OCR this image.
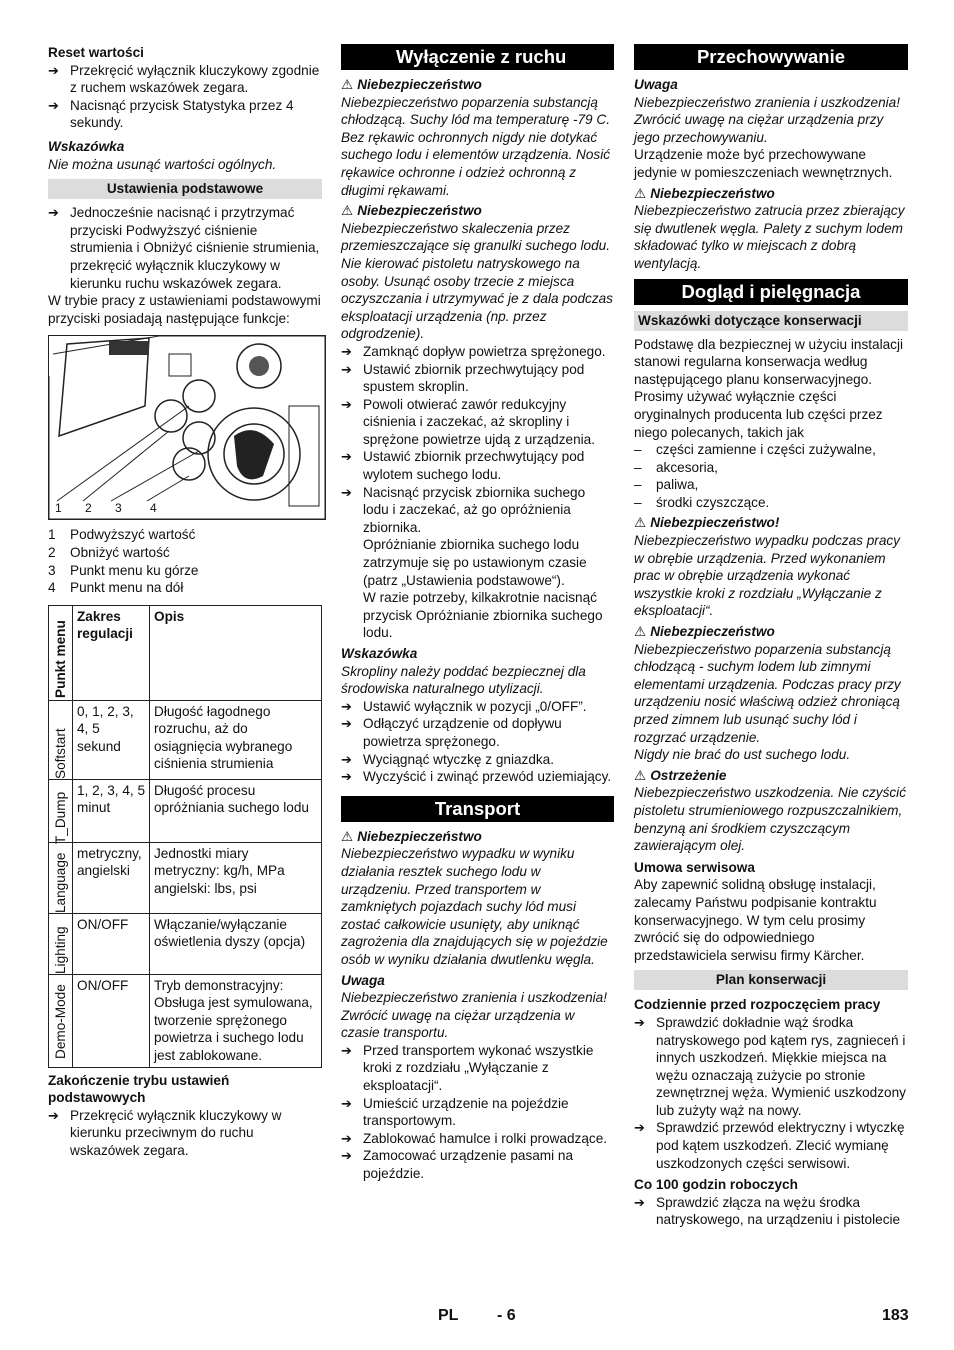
Reset wartości

➔ Przekręcić wyłącznik kluczykowy zgodnie z ruchem wskazówek zegara.
➔ Nacisnąć przycisk Statystyka przez 4 sekundy.

Wskazówka

Nie można usunąć wartości ogólnych.

Ustawienia podstawowe
➔ Jednocześnie nacisnąć i przytrzymać przyciski Podwyższyć ciśnienie strumienia i Obniżyć ciśnienie strumienia, przekręcić wyłącznik kluczykowy w kierunku ruchu wskazówek zegara.

W trybie pracy z ustawieniami podstawowymi przyciski posiadają następujące funkcje:

1 2 3 4
1 Podwyższyć wartość
2 Obniżyć wartość
3 Punkt menu ku górze
4 Punkt menu na dół
Punkt menu	Zakres regulacji	Opis

Softstart	0, 1, 2, 3, 4, 5 sekund	Długość łagodnego rozruchu, aż do osiągnięcia wybranego ciśnienia strumienia

T_Dump	1, 2, 3, 4, 5 minut	Długość procesu opróżniania suchego lodu

Language	metryczny, angielski	Jednostki miary metryczny: kg/h, MPa angielski: lbs, psi

Lighting	ON/OFF	Włączanie/wyłączanie oświetlenia dyszy (opcja)

Demo-Mode	ON/OFF	Tryb demonstracyjny: Obsługa jest symulowana, tworzenie sprężonego powietrza i suchego lodu jest zablokowane.

Zakończenie trybu ustawień podstawowych

➔ Przekręcić wyłącznik kluczykowy w kierunku przeciwnym do ruchu wskazówek zegara.
Wyłączenie z ruchu

⚠ Niebezpieczeństwo

Niebezpieczeństwo poparzenia substancją chłodzącą. Suchy lód ma temperaturę -79 C. Bez rękawic ochronnych nigdy nie dotykać suchego lodu i elementów urządzenia. Nosić rękawice ochronne i odzież ochronną z długimi rękawami.

⚠ Niebezpieczeństwo

Niebezpieczeństwo skaleczenia przez przemieszczające się granulki suchego lodu. Nie kierować pistoletu natryskowego na osoby. Usunąć osoby trzecie z miejsca oczyszczania i utrzymywać je z dala podczas eksploatacji urządzenia (np. przez odgrodzenie).

➔ Zamknąć dopływ powietrza sprężonego.
➔ Ustawić zbiornik przechwytujący pod spustem skroplin.
➔ Powoli otwierać zawór redukcyjny ciśnienia i zaczekać, aż skropliny i sprężone powietrze ujdą z urządzenia.
➔ Ustawić zbiornik przechwytujący pod wylotem suchego lodu.
➔ Nacisnąć przycisk zbiornika suchego lodu i zaczekać, aż go opróżnienia zbiornika.

Opróżnianie zbiornika suchego lodu zatrzymuje się po ustawionym czasie (patrz „Ustawienia podstawowe“).

W razie potrzeby, kilkakrotnie nacisnąć przycisk Opróżnianie zbiornika suchego lodu.

Wskazówka

Skropliny należy poddać bezpiecznej dla środowiska naturalnego utylizacji.

➔ Ustawić wyłącznik w pozycji „0/OFF”.
➔ Odłączyć urządzenie od dopływu powietrza sprężonego.
➔ Wyciągnąć wtyczkę z gniazdka.
➔ Wyczyścić i zwinąć przewód uziemiający.
Transport

⚠ Niebezpieczeństwo

Niebezpieczeństwo wypadku w wyniku działania resztek suchego lodu w urządzeniu. Przed transportem w zamkniętych pojazdach suchy lód musi zostać całkowicie usunięty, aby uniknąć zagrożenia dla znajdujących się w pojeździe osób w wyniku działania dwutlenku węgla.

Uwaga

Niebezpieczeństwo zranienia i uszkodzenia! Zwrócić uwagę na ciężar urządzenia w czasie transportu.

➔ Przed transportem wykonać wszystkie kroki z rozdziału „Wyłączanie z eksploatacji“.
➔ Umieścić urządzenie na pojeździe transportowym.
➔ Zablokować hamulce i rolki prowadzące.
➔ Zamocować urządzenie pasami na pojeździe.
Przechowywanie

Uwaga

Niebezpieczeństwo zranienia i uszkodzenia! Zwrócić uwagę na ciężar urządzenia przy jego przechowywaniu.

Urządzenie może być przechowywane jedynie w pomieszczeniach wewnętrznych.

⚠ Niebezpieczeństwo

Niebezpieczeństwo zatrucia przez zbierający się dwutlenek węgla. Palety z suchym lodem składować tylko w miejscach z dobrą wentylacją.

Dogląd i pielęgnacja
Wskazówki dotyczące konserwacji

Podstawę dla bezpiecznej w użyciu instalacji stanowi regularna konserwacja według następującego planu konserwacyjnego. Prosimy używać wyłącznie części oryginalnych producenta lub części przez niego polecanych, takich jak

– części zamienne i części zużywalne,
– akcesoria,
– paliwa,
– środki czyszczące.

⚠ Niebezpieczeństwo!

Niebezpieczeństwo wypadku podczas pracy w obrębie urządzenia. Przed wykonaniem prac w obrębie urządzenia wykonać wszystkie kroki z rozdziału „Wyłączanie z eksploatacji“.

⚠ Niebezpieczeństwo

Niebezpieczeństwo poparzenia substancją chłodzącą - suchym lodem lub zimnymi elementami urządzenia. Podczas pracy przy urządzeniu nosić właściwą odzież chroniącą przed zimnem lub usunąć suchy lód i rozgrzać urządzenie.

Nigdy nie brać do ust suchego lodu.

⚠ Ostrzeżenie

Niebezpieczeństwo uszkodzenia. Nie czyścić pistoletu strumieniowego rozpuszczalnikiem, benzyną ani środkiem czyszczącym zawierającym olej.

Umowa serwisowa

Aby zapewnić solidną obsługę instalacji, zalecamy Państwu podpisanie kontraktu konserwacyjnego. W tym celu prosimy zwrócić się do odpowiedniego przedstawiciela serwisu firmy Kärcher.

Plan konserwacji

Codziennie przed rozpoczęciem pracy

➔ Sprawdzić dokładnie wąż środka natryskowego pod kątem rys, zagnieceń i innych uszkodzeń. Miękkie miejsca na wężu oznaczają zużycie po stronie zewnętrznej węża. Wymienić uszkodzony lub zużyty wąż na nowy.
➔ Sprawdzić przewód elektryczny i wtyczkę pod kątem uszkodzeń. Zlecić wymianę uszkodzonych części serwisowi.

Co 100 godzin roboczych

➔ Sprawdzić złącza na wężu środka natryskowego, na urządzeniu i pistolecie
PL - 6	183
